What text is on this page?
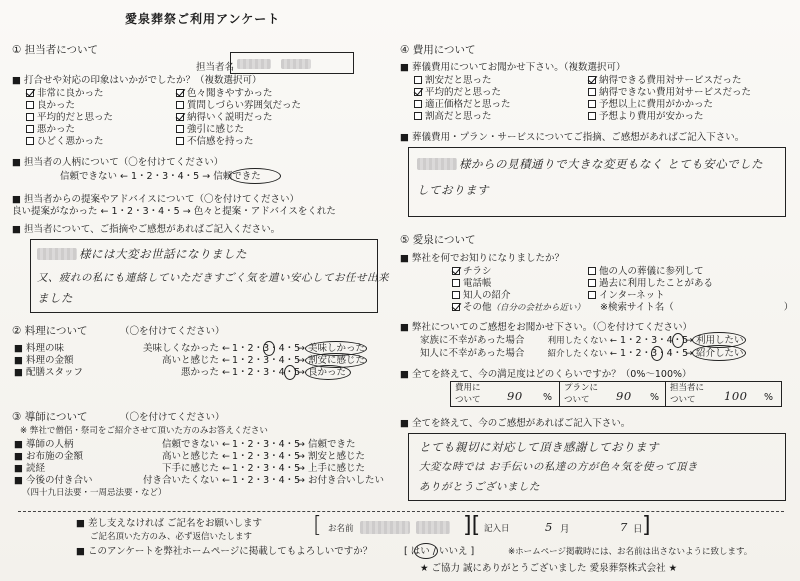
愛泉葬祭ご利用アンケート
① 担当者について
担当者名
■ 打合せや対応の印象はいかがでしたか？（複数選択可）
非常に良かった
良かった
平均的だと思った
悪かった
ひどく悪かった
色々聞きやすかった
質問しづらい雰囲気だった
納得いく説明だった
強引に感じた
不信感を持った
■ 担当者の人柄について（〇を付けてください）
信頼できない ← 1・2・3・4・5 → 信頼できた
■ 担当者からの提案やアドバイスについて（〇を付けてください）
良い提案がなかった ← 1・2・3・4・5 → 色々と提案・アドバイスをくれた
■ 担当者について、ご指摘やご感想があればご記入ください。
様には大変お世話になりました
又、疲れの私にも連絡していただきすごく気を遣い安心してお任せ出来
ました
② 料理について	（〇を付けてください）
■ 料理の味	美味しくなかった ← 1・2・3・4・5
→ 美味しかった
■ 料理の金額	高いと感じた ← 1・2・3・4・5
→ 割安に感じた
■ 配膳スタッフ	悪かった ← 1・2・3・4・5
→ 良かった
③ 導師について	（〇を付けてください）
※ 弊社で僧侶・祭司をご紹介させて頂いた方のみお答えください
■ 導師の人柄	信頼できない ← 1・2・3・4・5
→ 信頼できた
■ お布施の金額	高いと感じた ← 1・2・3・4・5
→ 割安と感じた
■ 読経	下手に感じた ← 1・2・3・4・5
→ 上手に感じた
■ 今後の付き合い	付き合いたくない ← 1・2・3・4・5
→ お付き合いしたい
（四十九日法要・一周忌法要・など）
④ 費用について
■ 葬儀費用についてお聞かせ下さい。（複数選択可）
割安だと思った
平均的だと思った
適正価格だと思った
割高だと思った
納得できる費用対サービスだった
納得できない費用対サービスだった
予想以上に費用がかかった
予想より費用が安かった
■ 葬儀費用・プラン・サービスについてご指摘、ご感想があればご記入下さい。
様からの見積通りで大きな変更もなく とても安心でした
しております
⑤ 愛泉について
■ 弊社を何でお知りになりましたか？
チラシ
電話帳
知人の紹介
その他（自分の会社から近い）
他の人の葬儀に参列して
過去に利用したことがある
インターネット
※検索サイト名（	）
■ 弊社についてのご感想をお聞かせ下さい。（〇を付けてください）
家族に不幸があった場合	利用したくない ← 1・2・3・4・5
→ 利用したい
知人に不幸があった場合	紹介したくない ← 1・2・3・4・5
→ 紹介したい
■ 全てを終えて、今の満足度はどのくらいですか？（0%〜100%）
費用に
ついて 90 %
プランに
ついて 90 %
担当者に
ついて 100 %
■ 全てを終えて、今のご感想があればご記入下さい。
とても親切に対応して頂き感謝しております
大変な時では お手伝いの私達の方が色々気を使って頂き
ありがとうございました
■ 差し支えなければ ご記名をお願いします
ご記名頂いた方のみ、必ず返信いたします	[ お名前	][ 記入日	5 月	7 日 ]
■ このアンケートを弊社ホームページに掲載してもよろしいですか？	[ はい / いいえ ]	※ホームページ掲載時には、お名前は出さないように致します。
★ ご協力 誠にありがとうございました 愛泉葬祭株式会社 ★
